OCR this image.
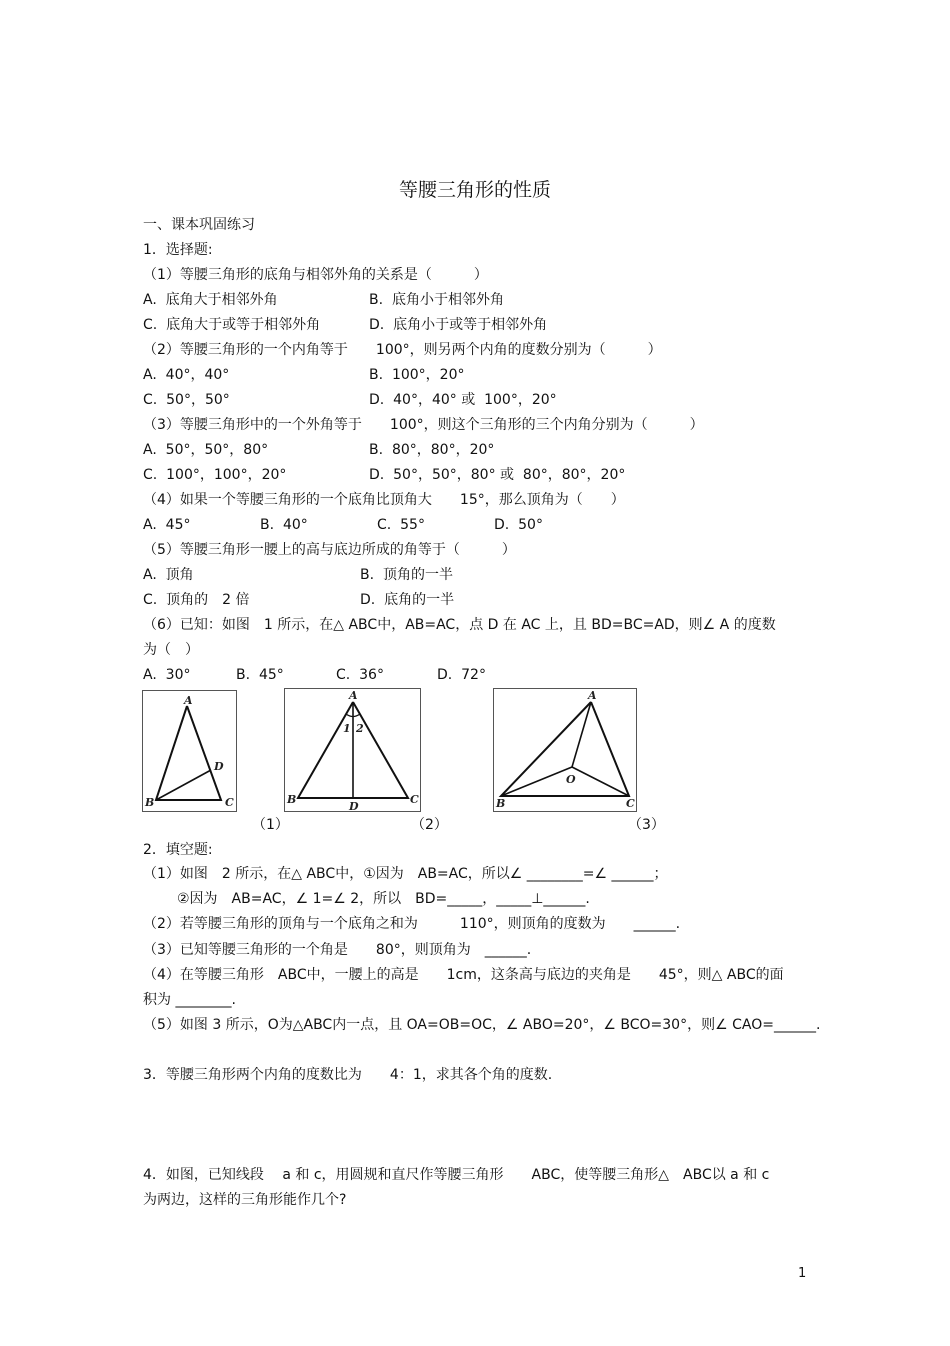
等腰三角形的性质
一、课本巩固练习
1．选择题:
（1）等腰三角形的底角与相邻外角的关系是（　　　）
A.  底角大于相邻外角	B.  底角小于相邻外角
C.  底角大于或等于相邻外角	D.  底角小于或等于相邻外角
（2）等腰三角形的一个内角等于　　100°，则另两个内角的度数分别为（　　　）
A.  40°，40°	B.  100°，20°
C.  50°，50°	D.  40°，40° 或  100°，20°
（3）等腰三角形中的一个外角等于　　100°，则这个三角形的三个内角分别为（　　　）
A.  50°，50°，80°	B.  80°，80°，20°
C.  100°，100°，20°	D.  50°，50°，80° 或  80°，80°，20°
（4）如果一个等腰三角形的一个底角比顶角大　　15°，那么顶角为（　　）
A.  45°	B.  40°	C.  55°	D.  50°
（5）等腰三角形一腰上的高与底边所成的角等于（　　　）
A.  顶角	B.  顶角的一半
C.  顶角的　2 倍	D.  底角的一半
（6）已知：如图　1 所示，在△ ABC中，AB=AC，点 D 在 AC 上，且 BD=BC=AD，则∠ A 的度数
为（　）
A.  30°	B.  45°	C.  36°	D.  72°
A
B	C
D
A
B	C
D
1 2
A
B	C
O
（1）	（2）	（3）
2．填空题:
（1）如图　2 所示，在△ ABC中，①因为　AB=AC，所以∠ ________=∠ ______；
②因为　AB=AC，∠ 1=∠ 2，所以　BD=_____，_____⊥______.
（2）若等腰三角形的顶角与一个底角之和为　　　110°，则顶角的度数为　　______.
（3）已知等腰三角形的一个角是　　80°，则顶角为　______.
（4）在等腰三角形　ABC中，一腰上的高是　　1cm，这条高与底边的夹角是　　45°，则△ ABC的面
积为 ________.
（5）如图 3 所示，O为△ABC内一点，且 OA=OB=OC，∠ ABO=20°，∠ BCO=30°，则∠ CAO=______.
3．等腰三角形两个内角的度数比为　　4：1，求其各个角的度数.
4．如图，已知线段　 a 和 c，用圆规和直尺作等腰三角形　　ABC，使等腰三角形△　ABC以 a 和 c
为两边，这样的三角形能作几个?
1
